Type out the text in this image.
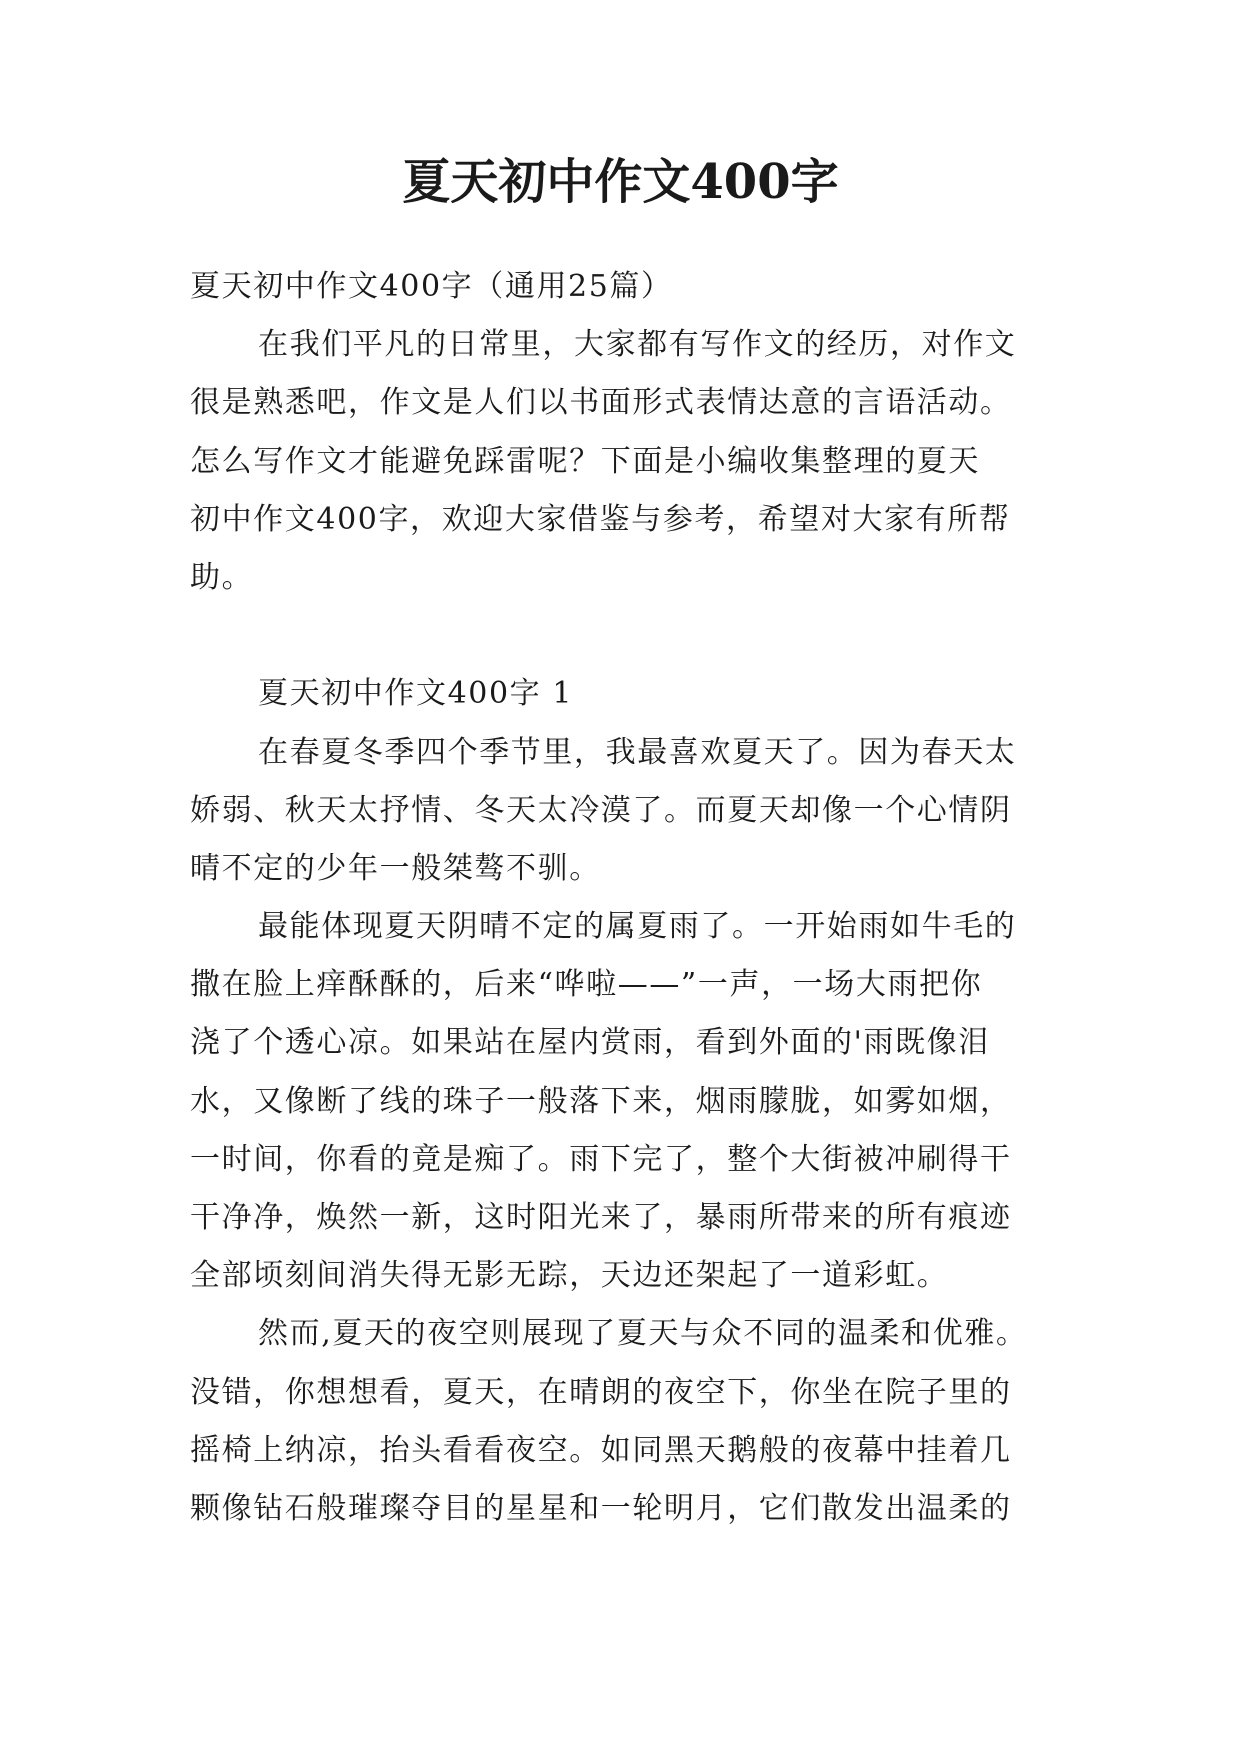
夏天初中作文400字
夏天初中作文400字（通用25篇）
在我们平凡的日常里，大家都有写作文的经历，对作文
很是熟悉吧，作文是人们以书面形式表情达意的言语活动。
怎么写作文才能避免踩雷呢？下面是小编收集整理的夏天
初中作文400字，欢迎大家借鉴与参考，希望对大家有所帮
助。
夏天初中作文400字 1
在春夏冬季四个季节里，我最喜欢夏天了。因为春天太
娇弱、秋天太抒情、冬天太冷漠了。而夏天却像一个心情阴
晴不定的少年一般桀骜不驯。
最能体现夏天阴晴不定的属夏雨了。一开始雨如牛毛的
撒在脸上痒酥酥的，后来“哗啦——”一声，一场大雨把你
浇了个透心凉。如果站在屋内赏雨，看到外面的'雨既像泪
水，又像断了线的珠子一般落下来，烟雨朦胧，如雾如烟，
一时间，你看的竟是痴了。雨下完了，整个大街被冲刷得干
干净净，焕然一新，这时阳光来了，暴雨所带来的所有痕迹
全部顷刻间消失得无影无踪，天边还架起了一道彩虹。
然而,夏天的夜空则展现了夏天与众不同的温柔和优雅。
没错，你想想看，夏天，在晴朗的夜空下，你坐在院子里的
摇椅上纳凉，抬头看看夜空。如同黑天鹅般的夜幕中挂着几
颗像钻石般璀璨夺目的星星和一轮明月，它们散发出温柔的
